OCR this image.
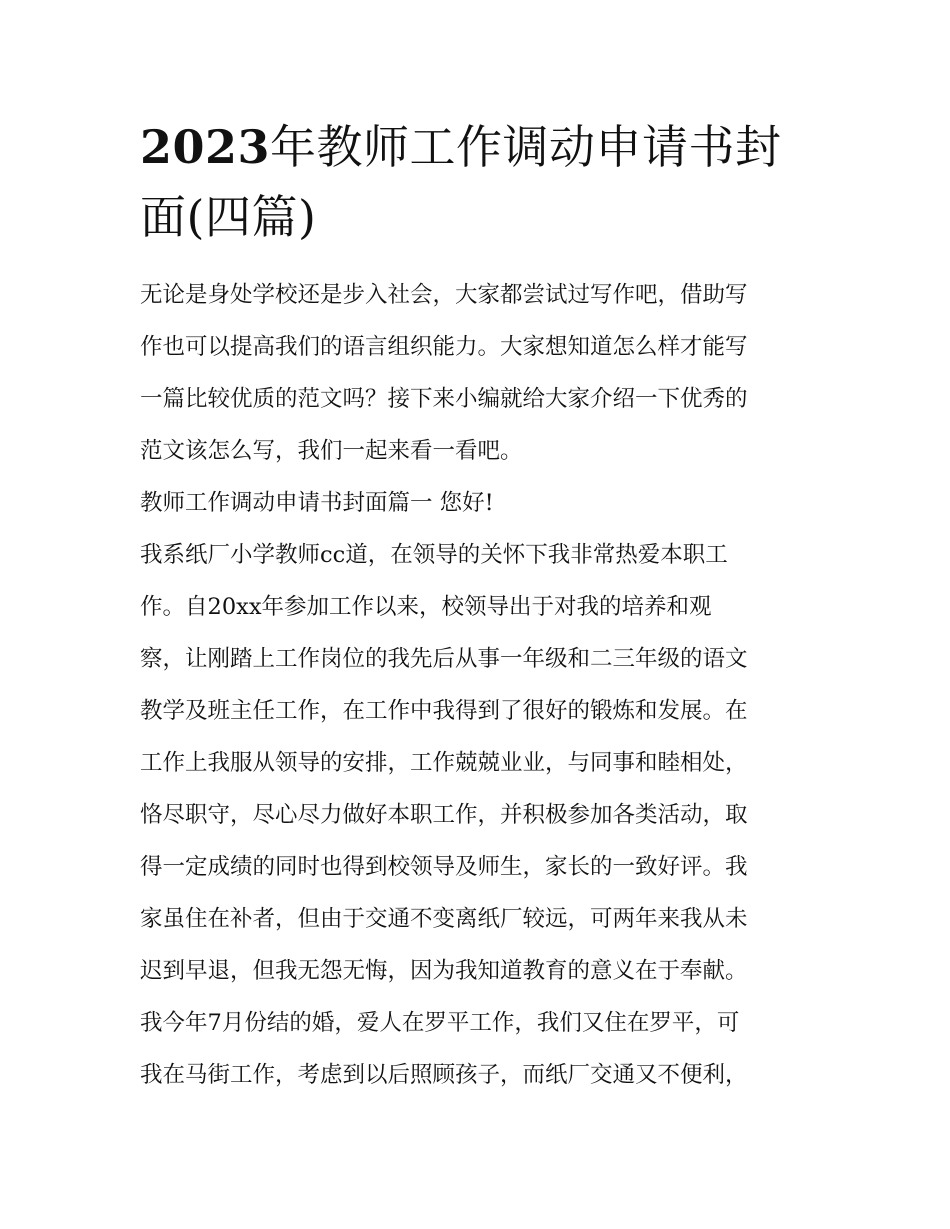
2023年教师工作调动申请书封
面(四篇)
无论是身处学校还是步入社会，大家都尝试过写作吧，借助写
作也可以提高我们的语言组织能力。大家想知道怎么样才能写
一篇比较优质的范文吗？接下来小编就给大家介绍一下优秀的
范文该怎么写，我们一起来看一看吧。
教师工作调动申请书封面篇一 您好!
我系纸厂小学教师cc道，在领导的关怀下我非常热爱本职工
作。自20xx年参加工作以来，校领导出于对我的培养和观
察，让刚踏上工作岗位的我先后从事一年级和二三年级的语文
教学及班主任工作，在工作中我得到了很好的锻炼和发展。在
工作上我服从领导的安排，工作兢兢业业，与同事和睦相处，
恪尽职守，尽心尽力做好本职工作，并积极参加各类活动，取
得一定成绩的同时也得到校领导及师生，家长的一致好评。我
家虽住在补者，但由于交通不变离纸厂较远，可两年来我从未
迟到早退，但我无怨无悔，因为我知道教育的意义在于奉献。
我今年7月份结的婚，爱人在罗平工作，我们又住在罗平，可
我在马街工作，考虑到以后照顾孩子，而纸厂交通又不便利，
